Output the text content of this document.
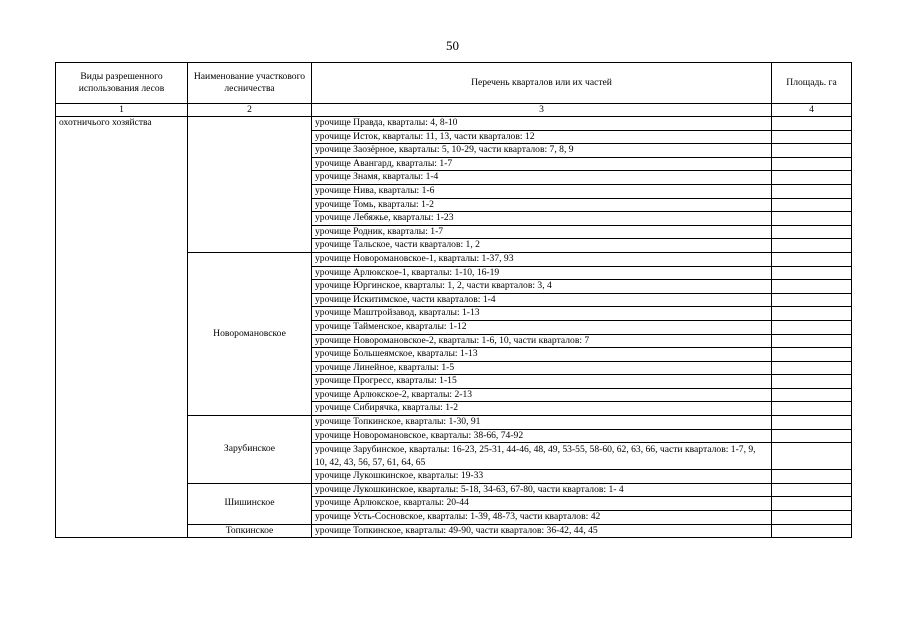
50
Виды разрешенного использования лесов	Наименование участкового лесничества	Перечень кварталов или их частей	Площадь. га
1	2	3	4
охотничього хозяйства		урочище Правда, кварталы: 4, 8-10	
		урочище Исток, кварталы: 11, 13, части кварталов: 12	
		урочище Заозёрное, кварталы: 5, 10-29, части кварталов: 7, 8, 9	
		урочище Авангард, кварталы: 1-7	
		урочище Знамя, кварталы: 1-4	
		урочище Нива, кварталы: 1-6	
		урочище Томь, кварталы: 1-2	
		урочище Лебяжье, кварталы: 1-23	
		урочище Родник, кварталы: 1-7	
		урочище Тальское, части кварталов: 1, 2	
	Новоромановское	урочище Новоромановское-1, кварталы: 1-37, 93	
		урочище Арлюкское-1, кварталы: 1-10, 16-19	
		урочище Юргинское, кварталы: 1, 2, части кварталов: 3, 4	
		урочище Искитимское, части кварталов: 1-4	
		урочище Маштройзавод, кварталы: 1-13	
		урочище Тайменское, кварталы: 1-12	
		урочище Новоромановское-2, кварталы: 1-6, 10, части кварталов: 7	
		урочище Большеямское, кварталы: 1-13	
		урочище Линейное, кварталы: 1-5	
		урочище Прогресс, кварталы: 1-15	
		урочище Арлюкское-2, кварталы: 2-13	
		урочище Сибирячка, кварталы: 1-2	
	Зарубинское	урочище Топкинское, кварталы: 1-30, 91	
		урочище Новоромановское, кварталы: 38-66, 74-92	
		урочище Зарубинское, кварталы: 16-23, 25-31, 44-46, 48, 49, 53-55, 58-60, 62, 63, 66, части кварталов: 1-7, 9, 10, 42, 43, 56, 57, 61, 64, 65	
		урочище Лукошкинское, кварталы: 19-33	
	Шишинское	урочище Лукошкинское, кварталы: 5-18, 34-63, 67-80, части кварталов: 1- 4	
		урочище Арлюкское, кварталы: 20-44	
		урочище Усть-Сосновское, кварталы: 1-39, 48-73, части кварталов: 42	
	Топкинское	урочище Топкинское, кварталы: 49-90, части кварталов: 36-42, 44, 45	
